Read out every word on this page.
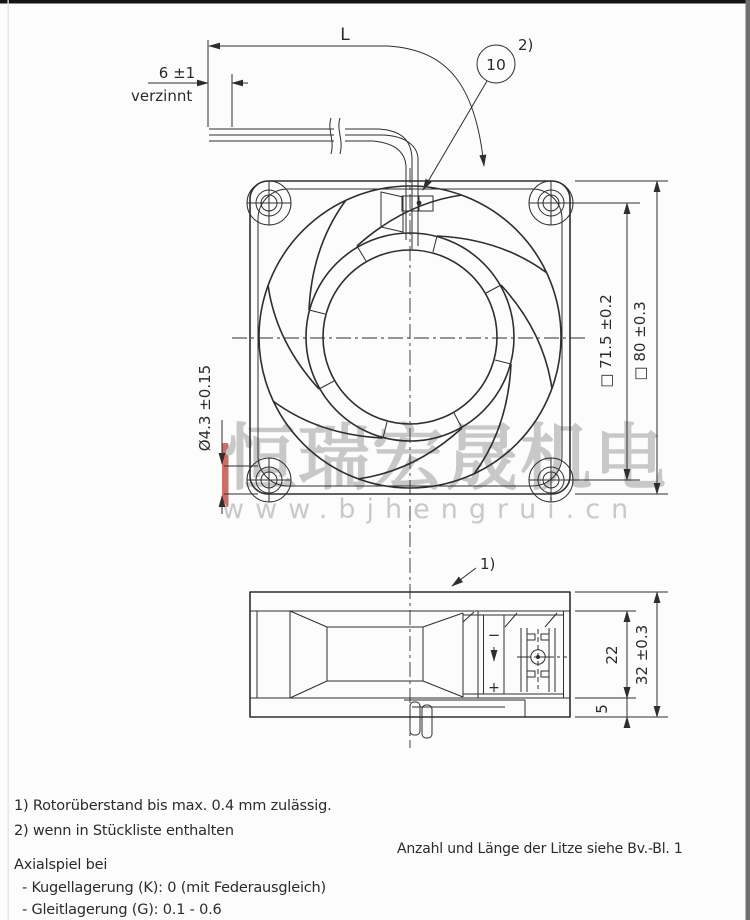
恒瑞宏晟机电
www.bjhengrui.cn
L
6 ±1
verzinnt
10
2)
□ 71.5 ±0.2 □ 80 ±0.3
Ø4.3 ±0.15
−
+
1)
22
5
32 ±0.3
1) Rotorüberstand bis max. 0.4 mm zulässig.
2) wenn in Stückliste enthalten
Axialspiel bei
- Kugellagerung (K): 0 (mit Federausgleich)
- Gleitlagerung (G): 0.1 - 0.6
Anzahl und Länge der Litze siehe Bv.-Bl. 1
